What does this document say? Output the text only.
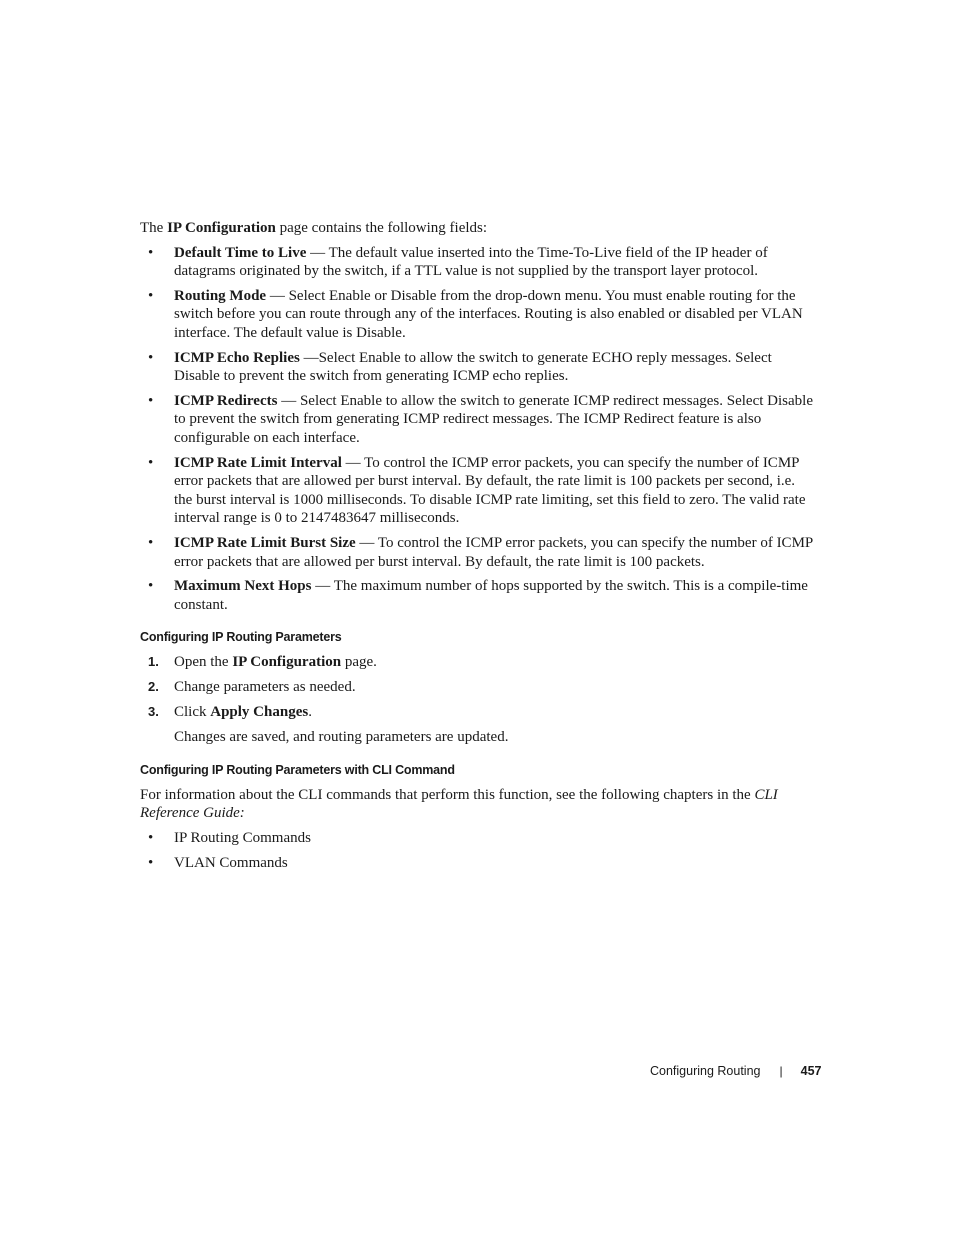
The IP Configuration page contains the following fields:

• Default Time to Live — The default value inserted into the Time-To-Live field of the IP header of datagrams originated by the switch, if a TTL value is not supplied by the transport layer protocol.
• Routing Mode — Select Enable or Disable from the drop-down menu. You must enable routing for the switch before you can route through any of the interfaces. Routing is also enabled or disabled per VLAN interface. The default value is Disable.
• ICMP Echo Replies —Select Enable to allow the switch to generate ECHO reply messages. Select Disable to prevent the switch from generating ICMP echo replies.
• ICMP Redirects — Select Enable to allow the switch to generate ICMP redirect messages. Select Disable to prevent the switch from generating ICMP redirect messages. The ICMP Redirect feature is also configurable on each interface.
• ICMP Rate Limit Interval — To control the ICMP error packets, you can specify the number of ICMP error packets that are allowed per burst interval. By default, the rate limit is 100 packets per second, i.e. the burst interval is 1000 milliseconds. To disable ICMP rate limiting, set this field to zero. The valid rate interval range is 0 to 2147483647 milliseconds.
• ICMP Rate Limit Burst Size — To control the ICMP error packets, you can specify the number of ICMP error packets that are allowed per burst interval. By default, the rate limit is 100 packets.
• Maximum Next Hops — The maximum number of hops supported by the switch. This is a compile-time constant.
Configuring IP Routing Parameters
1. Open the IP Configuration page.
2. Change parameters as needed.
3. Click Apply Changes.

Changes are saved, and routing parameters are updated.

Configuring IP Routing Parameters with CLI Command

For information about the CLI commands that perform this function, see the following chapters in the CLI Reference Guide:

• IP Routing Commands
• VLAN Commands
Configuring Routing | 457
